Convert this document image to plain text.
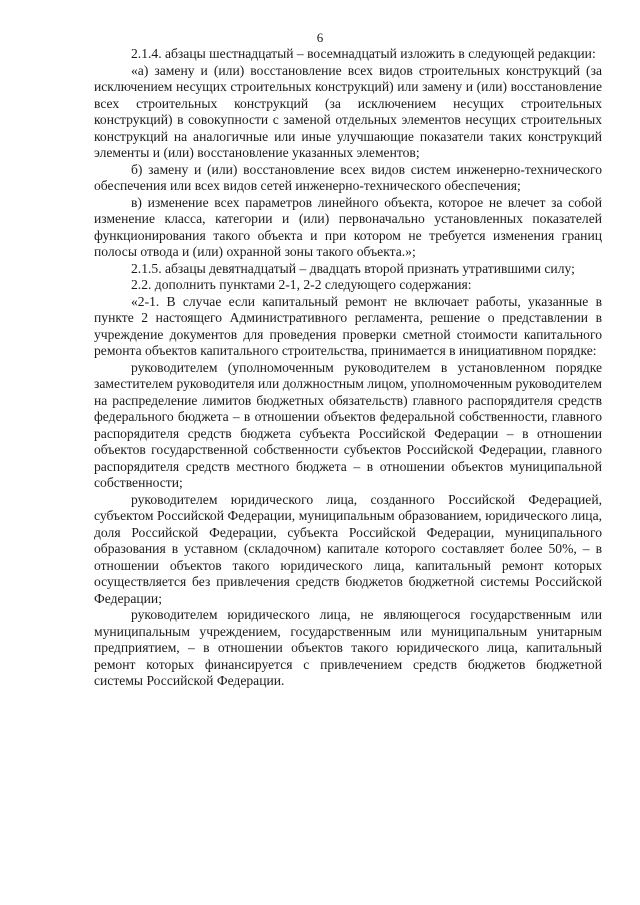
6

2.1.4. абзацы шестнадцатый – восемнадцатый изложить в следующей редакции:

«а) замену и (или) восстановление всех видов строительных конструкций (за исключением несущих строительных конструкций) или замену и (или) восстановление всех строительных конструкций (за исключением несущих строительных конструкций) в совокупности с заменой отдельных элементов несущих строительных конструкций на аналогичные или иные улучшающие показатели таких конструкций элементы и (или) восстановление указанных элементов;

б) замену и (или) восстановление всех видов систем инженерно-технического обеспечения или всех видов сетей инженерно-технического обеспечения;

в) изменение всех параметров линейного объекта, которое не влечет за собой изменение класса, категории и (или) первоначально установленных показателей функционирования такого объекта и при котором не требуется изменения границ полосы отвода и (или) охранной зоны такого объекта.»;

2.1.5. абзацы девятнадцатый – двадцать второй признать утратившими силу;

2.2. дополнить пунктами 2-1, 2-2 следующего содержания:

«2-1. В случае если капитальный ремонт не включает работы, указанные в пункте 2 настоящего Административного регламента, решение о представлении в учреждение документов для проведения проверки сметной стоимости капитального ремонта объектов капитального строительства, принимается в инициативном порядке:

руководителем (уполномоченным руководителем в установленном порядке заместителем руководителя или должностным лицом, уполномоченным руководителем на распределение лимитов бюджетных обязательств) главного распорядителя средств федерального бюджета – в отношении объектов федеральной собственности, главного распорядителя средств бюджета субъекта Российской Федерации – в отношении объектов государственной собственности субъектов Российской Федерации, главного распорядителя средств местного бюджета – в отношении объектов муниципальной собственности;

руководителем юридического лица, созданного Российской Федерацией, субъектом Российской Федерации, муниципальным образованием, юридического лица, доля Российской Федерации, субъекта Российской Федерации, муниципального образования в уставном (складочном) капитале которого составляет более 50%, – в отношении объектов такого юридического лица, капитальный ремонт которых осуществляется без привлечения средств бюджетов бюджетной системы Российской Федерации;

руководителем юридического лица, не являющегося государственным или муниципальным учреждением, государственным или муниципальным унитарным предприятием, – в отношении объектов такого юридического лица, капитальный ремонт которых финансируется с привлечением средств бюджетов бюджетной системы Российской Федерации.
